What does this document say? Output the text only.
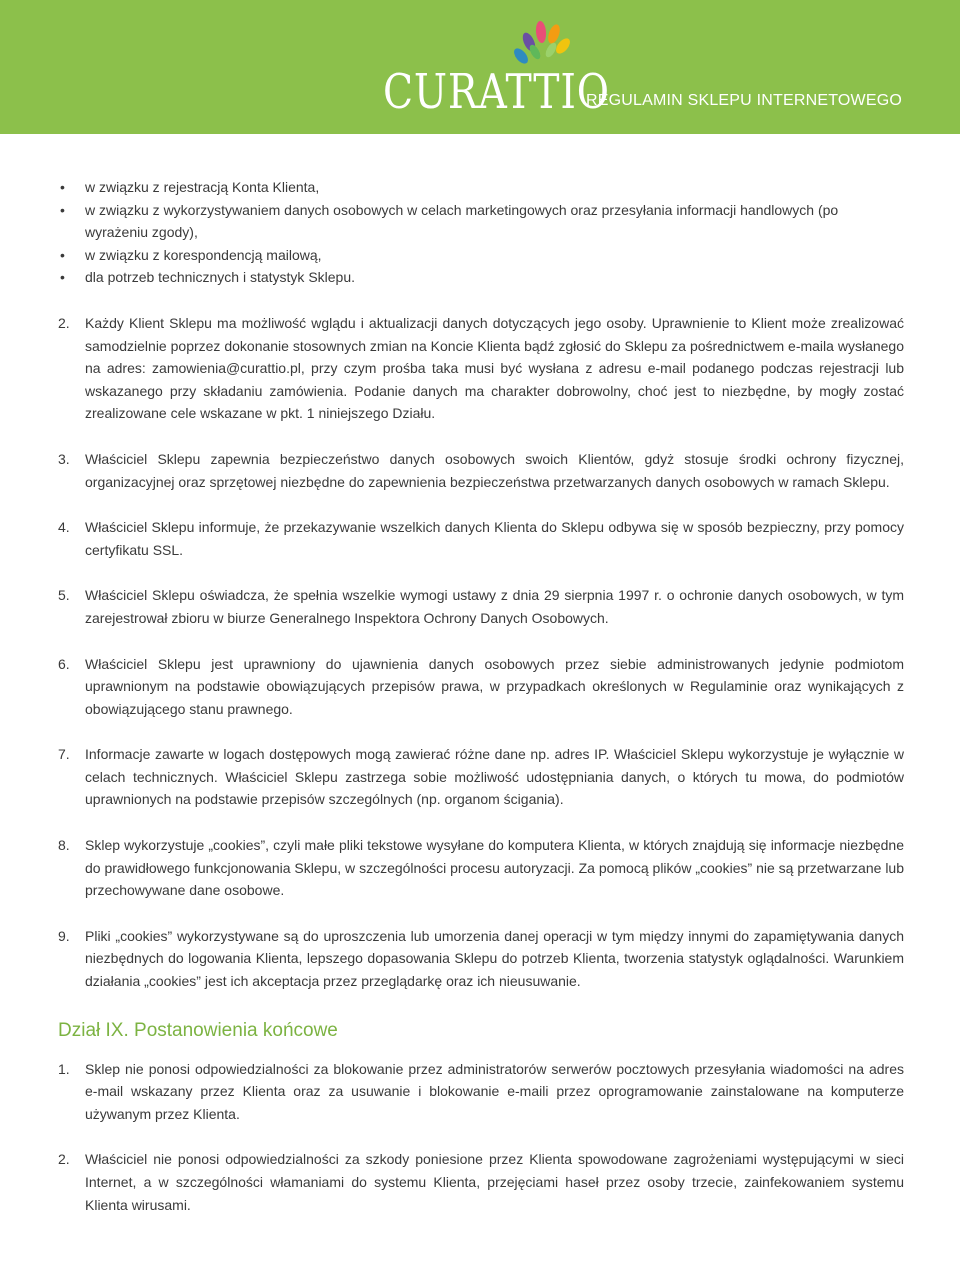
CURATTIO
REGULAMIN SKLEPU INTERNETOWEGO
• w związku z rejestracją Konta Klienta,
• w związku z wykorzystywaniem danych osobowych w celach marketingowych oraz przesyłania informacji handlowych (po wyrażeniu zgody),
• w związku z korespondencją mailową,
• dla potrzeb technicznych i statystyk Sklepu.
2. Każdy Klient Sklepu ma możliwość wglądu i aktualizacji danych dotyczących jego osoby. Uprawnienie to Klient może zrealizować samodzielnie poprzez dokonanie stosownych zmian na Koncie Klienta bądź zgłosić do Sklepu za pośrednictwem e-maila wysłanego na adres: zamowienia@curattio.pl, przy czym prośba taka musi być wysłana z adresu e-mail podanego podczas rejestracji lub wskazanego przy składaniu zamówienia. Podanie danych ma charakter dobrowolny, choć jest to niezbędne, by mogły zostać zrealizowane cele wskazane w pkt. 1 niniejszego Działu.
3. Właściciel Sklepu zapewnia bezpieczeństwo danych osobowych swoich Klientów, gdyż stosuje środki ochrony fizycznej, organizacyjnej oraz sprzętowej niezbędne do zapewnienia bezpieczeństwa przetwarzanych danych osobowych w ramach Sklepu.
4. Właściciel Sklepu informuje, że przekazywanie wszelkich danych Klienta do Sklepu odbywa się w sposób bezpieczny, przy pomocy certyfikatu SSL.
5. Właściciel Sklepu oświadcza, że spełnia wszelkie wymogi ustawy z dnia 29 sierpnia 1997 r. o ochronie danych osobowych, w tym zarejestrował zbioru w biurze Generalnego Inspektora Ochrony Danych Osobowych.
6. Właściciel Sklepu jest uprawniony do ujawnienia danych osobowych przez siebie administrowanych jedynie podmiotom uprawnionym na podstawie obowiązujących przepisów prawa, w przypadkach określonych w Regulaminie oraz wynikających z obowiązującego stanu prawnego.
7. Informacje zawarte w logach dostępowych mogą zawierać różne dane np. adres IP. Właściciel Sklepu wykorzystuje je wyłącznie w celach technicznych. Właściciel Sklepu zastrzega sobie możliwość udostępniania danych, o których tu mowa, do podmiotów uprawnionych na podstawie przepisów szczególnych (np. organom ścigania).
8. Sklep wykorzystuje „cookies”, czyli małe pliki tekstowe wysyłane do komputera Klienta, w których znajdują się informacje niezbędne do prawidłowego funkcjonowania Sklepu, w szczególności procesu autoryzacji. Za pomocą plików „cookies” nie są przetwarzane lub przechowywane dane osobowe.
9. Pliki „cookies” wykorzystywane są do uproszczenia lub umorzenia danej operacji w tym między innymi do zapamiętywania danych niezbędnych do logowania Klienta, lepszego dopasowania Sklepu do potrzeb Klienta, tworzenia statystyk oglądalności. Warunkiem działania „cookies” jest ich akceptacja przez przeglądarkę oraz ich nieusuwanie.
Dział IX. Postanowienia końcowe
1. Sklep nie ponosi odpowiedzialności za blokowanie przez administratorów serwerów pocztowych przesyłania wiadomości na adres e-mail wskazany przez Klienta oraz za usuwanie i blokowanie e-maili przez oprogramowanie zainstalowane na komputerze używanym przez Klienta.
2. Właściciel nie ponosi odpowiedzialności za szkody poniesione przez Klienta spowodowane zagrożeniami występującymi w sieci Internet, a w szczególności włamaniami do systemu Klienta, przejęciami haseł przez osoby trzecie, zainfekowaniem systemu Klienta wirusami.
